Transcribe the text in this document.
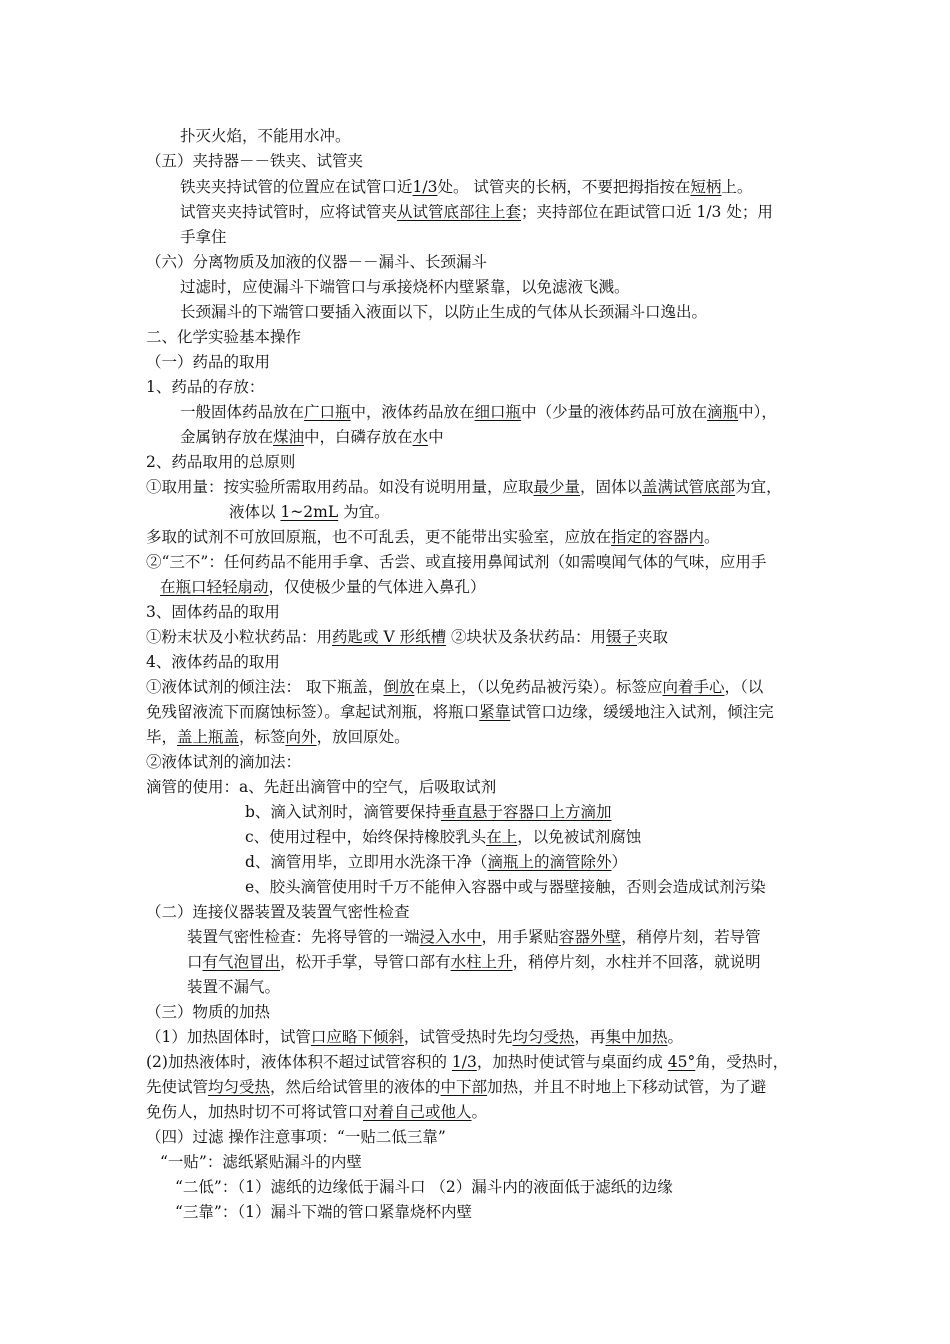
扑灭火焰，不能用水冲。
（五）夹持器－－铁夹、试管夹
铁夹夹持试管的位置应在试管口近1/3处。 试管夹的长柄，不要把拇指按在短柄上。
试管夹夹持试管时，应将试管夹从试管底部往上套；夹持部位在距试管口近 1/3 处；用
手拿住
（六）分离物质及加液的仪器－－漏斗、长颈漏斗
过滤时，应使漏斗下端管口与承接烧杯内壁紧靠，以免滤液飞溅。
长颈漏斗的下端管口要插入液面以下，以防止生成的气体从长颈漏斗口逸出。
二、化学实验基本操作
（一）药品的取用
1、药品的存放：
一般固体药品放在广口瓶中，液体药品放在细口瓶中（少量的液体药品可放在滴瓶中），
金属钠存放在煤油中，白磷存放在水中
2、药品取用的总原则
①取用量：按实验所需取用药品。如没有说明用量，应取最少量，固体以盖满试管底部为宜，
液体以 1~2mL 为宜。
多取的试剂不可放回原瓶，也不可乱丢，更不能带出实验室，应放在指定的容器内。
②“三不”：任何药品不能用手拿、舌尝、或直接用鼻闻试剂（如需嗅闻气体的气味，应用手
在瓶口轻轻扇动，仅使极少量的气体进入鼻孔）
3、固体药品的取用
①粉末状及小粒状药品：用药匙或 V 形纸槽 ②块状及条状药品：用镊子夹取
4、液体药品的取用
①液体试剂的倾注法： 取下瓶盖，倒放在桌上，（以免药品被污染）。标签应向着手心，（以
免残留液流下而腐蚀标签）。拿起试剂瓶，将瓶口紧靠试管口边缘，缓缓地注入试剂，倾注完
毕，盖上瓶盖，标签向外，放回原处。
②液体试剂的滴加法：
滴管的使用：a、先赶出滴管中的空气，后吸取试剂
b、滴入试剂时，滴管要保持垂直悬于容器口上方滴加
c、使用过程中，始终保持橡胶乳头在上，以免被试剂腐蚀
d、滴管用毕，立即用水洗涤干净（滴瓶上的滴管除外）
e、胶头滴管使用时千万不能伸入容器中或与器壁接触，否则会造成试剂污染
（二）连接仪器装置及装置气密性检查
装置气密性检查：先将导管的一端浸入水中，用手紧贴容器外壁，稍停片刻，若导管
口有气泡冒出，松开手掌，导管口部有水柱上升，稍停片刻，水柱并不回落，就说明
装置不漏气。
（三）物质的加热
（1）加热固体时，试管口应略下倾斜，试管受热时先均匀受热，再集中加热。
(2)加热液体时，液体体积不超过试管容积的 1/3，加热时使试管与桌面约成 45°角，受热时，
先使试管均匀受热，然后给试管里的液体的中下部加热，并且不时地上下移动试管，为了避
免伤人，加热时切不可将试管口对着自己或他人。
（四）过滤 操作注意事项：“一贴二低三靠”
“一贴”：滤纸紧贴漏斗的内壁
“二低”：（1）滤纸的边缘低于漏斗口 （2）漏斗内的液面低于滤纸的边缘
“三靠”：（1）漏斗下端的管口紧靠烧杯内壁
